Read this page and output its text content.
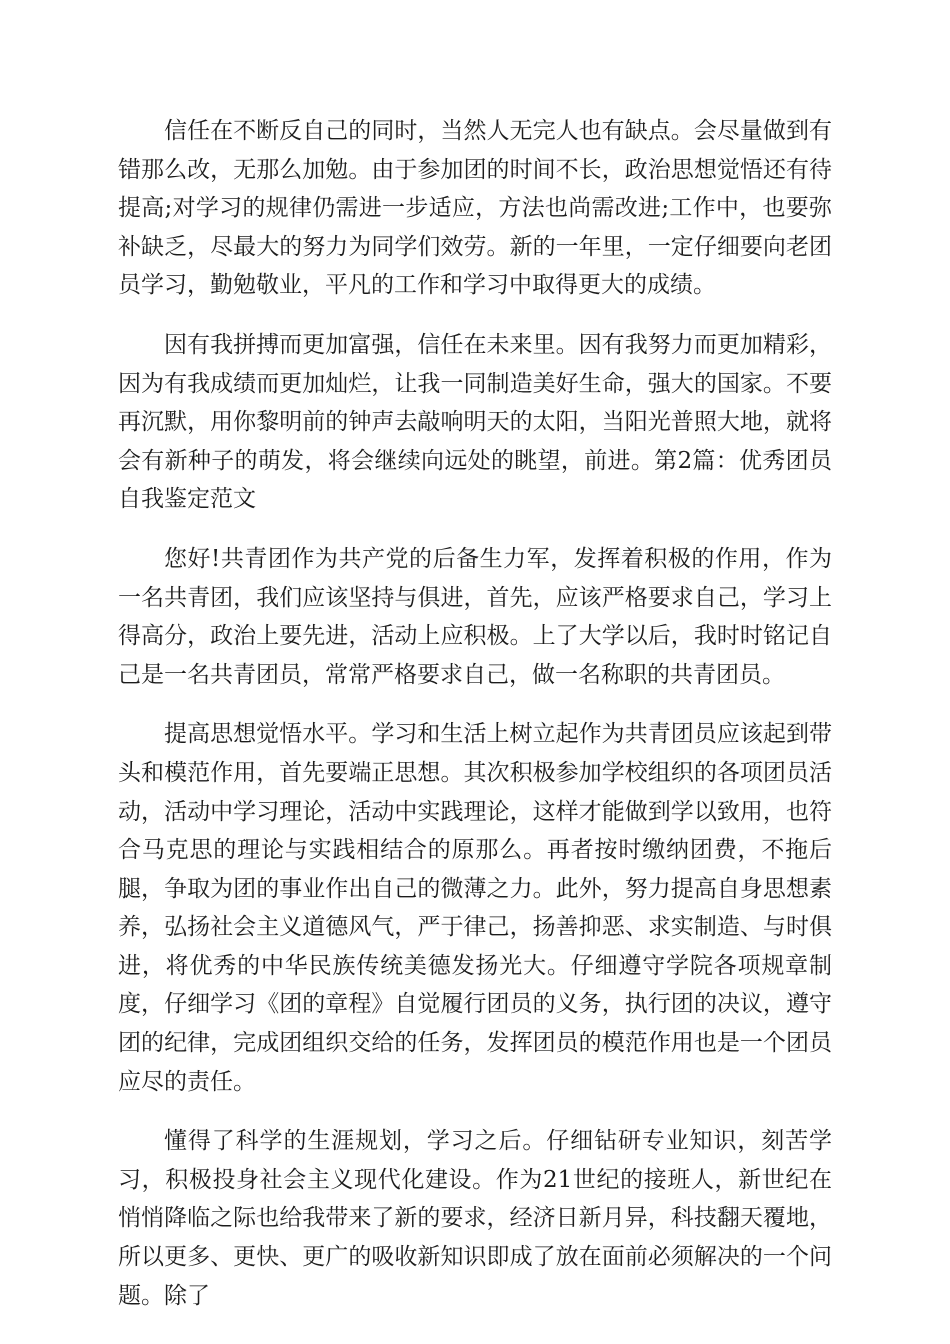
信任在不断反自己的同时，当然人无完人也有缺点。会尽量做到有错那么改，无那么加勉。由于参加团的时间不长，政治思想觉悟还有待提高;对学习的规律仍需进一步适应，方法也尚需改进;工作中，也要弥补缺乏，尽最大的努力为同学们效劳。新的一年里，一定仔细要向老团员学习，勤勉敬业，平凡的工作和学习中取得更大的成绩。

因有我拼搏而更加富强，信任在未来里。因有我努力而更加精彩，因为有我成绩而更加灿烂，让我一同制造美好生命，强大的国家。不要再沉默，用你黎明前的钟声去敲响明天的太阳，当阳光普照大地，就将会有新种子的萌发，将会继续向远处的眺望，前进。第2篇：优秀团员自我鉴定范文

您好!共青团作为共产党的后备生力军，发挥着积极的作用，作为一名共青团，我们应该坚持与俱进，首先，应该严格要求自己，学习上得高分，政治上要先进，活动上应积极。上了大学以后，我时时铭记自己是一名共青团员，常常严格要求自己，做一名称职的共青团员。

提高思想觉悟水平。学习和生活上树立起作为共青团员应该起到带头和模范作用，首先要端正思想。其次积极参加学校组织的各项团员活动，活动中学习理论，活动中实践理论，这样才能做到学以致用，也符合马克思的理论与实践相结合的原那么。再者按时缴纳团费，不拖后腿，争取为团的事业作出自己的微薄之力。此外，努力提高自身思想素养，弘扬社会主义道德风气，严于律己，扬善抑恶、求实制造、与时俱进，将优秀的中华民族传统美德发扬光大。仔细遵守学院各项规章制度，仔细学习《团的章程》自觉履行团员的义务，执行团的决议，遵守团的纪律，完成团组织交给的任务，发挥团员的模范作用也是一个团员应尽的责任。

懂得了科学的生涯规划，学习之后。仔细钻研专业知识，刻苦学习，积极投身社会主义现代化建设。作为21世纪的接班人，新世纪在悄悄降临之际也给我带来了新的要求，经济日新月异，科技翻天覆地，所以更多、更快、更广的吸收新知识即成了放在面前必须解决的一个问题。除了
